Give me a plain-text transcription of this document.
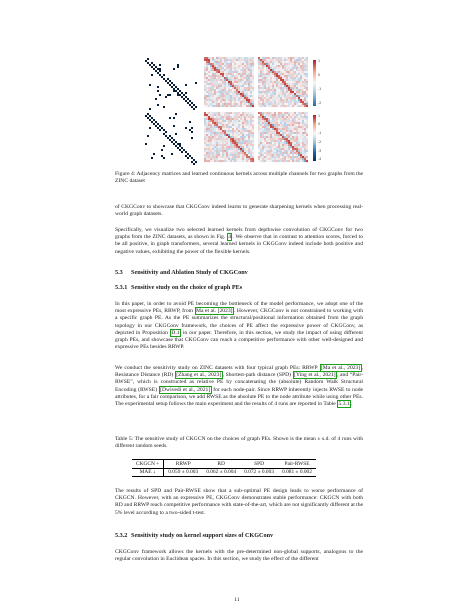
1
0
-1
-2
1
0
-1
-2
-3
-4

Figure 4: Adjacency matrices and learned continuous kernels across multiple channels for two graphs from the ZINC dataset

of CKGConv to showcase that CKGConv indeed learns to generate sharpening kernels when processing real-world graph datasets.

Specifically, we visualize two selected learned kernels from depthwise convolution of CKGConv for two graphs from the ZINC datasets, as shown in Fig. 4. We observe that in contrast to attention scores, forced to be all positive, in graph transformers, several learned kernels in CKGConv indeed include both positive and negative values, exhibiting the power of the flexible kernels.

5.3 Sensitivity and Ablation Study of CKGConv
5.3.1 Sensitive study on the choice of graph PEs

In this paper, in order to avoid PE becoming the bottleneck of the model performance, we adopt one of the most expressive PEs, RRWP, from Ma et al. [2023]. However, CKGConv is not constrained to working with a specific graph PE. As the PE summarizes the structural/positional information obtained from the graph topology in our CKGConv framework, the choices of PE affect the expressive power of CKGConv, as depicted in Proposition D.1 in our paper. Therefore, in this section, we study the impact of using different graph PEs, and showcase that CKGConv can reach a competitive performance with other well-designed and expressive PEs besides RRWP.

We conduct the sensitivity study on ZINC datasets with four typical graph PEs: RRWP [Ma et al., 2023], Resistance Distance (RD) [Zhang et al., 2023], Shortest-path distance (SPD) [Ying et al., 2021], and “Pair-RWSE”, which is constructed as relative PE by concatenating the (absolute) Random Walk Structural Encoding (RWSE) [Dwivedi et al., 2021] for each node-pair. Since RRWP inherently injects RWSE to node attributes, for a fair comparison, we add RWSE as the absolute PE to the node attribute while using other PEs. The experimental setup follows the main experiment and the results of 4 runs are reported in Table 5.3.1.

Table 5: The sensitive study of CKGCN on the choices of graph PEs. Shown is the mean ± s.d. of 4 runs with different random seeds.

CKGCN +	RRWP	RD	SPD	Pair-RWSE
MAE ↓	0.059 ± 0.003	0.062 ± 0.004	0.072 ± 0.003	0.081 ± 0.002

The results of SPD and Pair-RWSE show that a sub-optimal PE design leads to worse performance of CKGCN. However, with an expressive PE, CKGConv demonstrates stable performance: CKGCN with both RD and RRWP reach competitive performance with state-of-the-art, which are not significantly different at the 5% level according to a two-sided t-test.

5.3.2 Sensitivity study on kernel support sizes of CKGConv

CKGConv framework allows the kernels with the pre-determined non-global supports, analogous to the regular convolution in Euclidean spaces. In this section, we study the effect of the different

11
